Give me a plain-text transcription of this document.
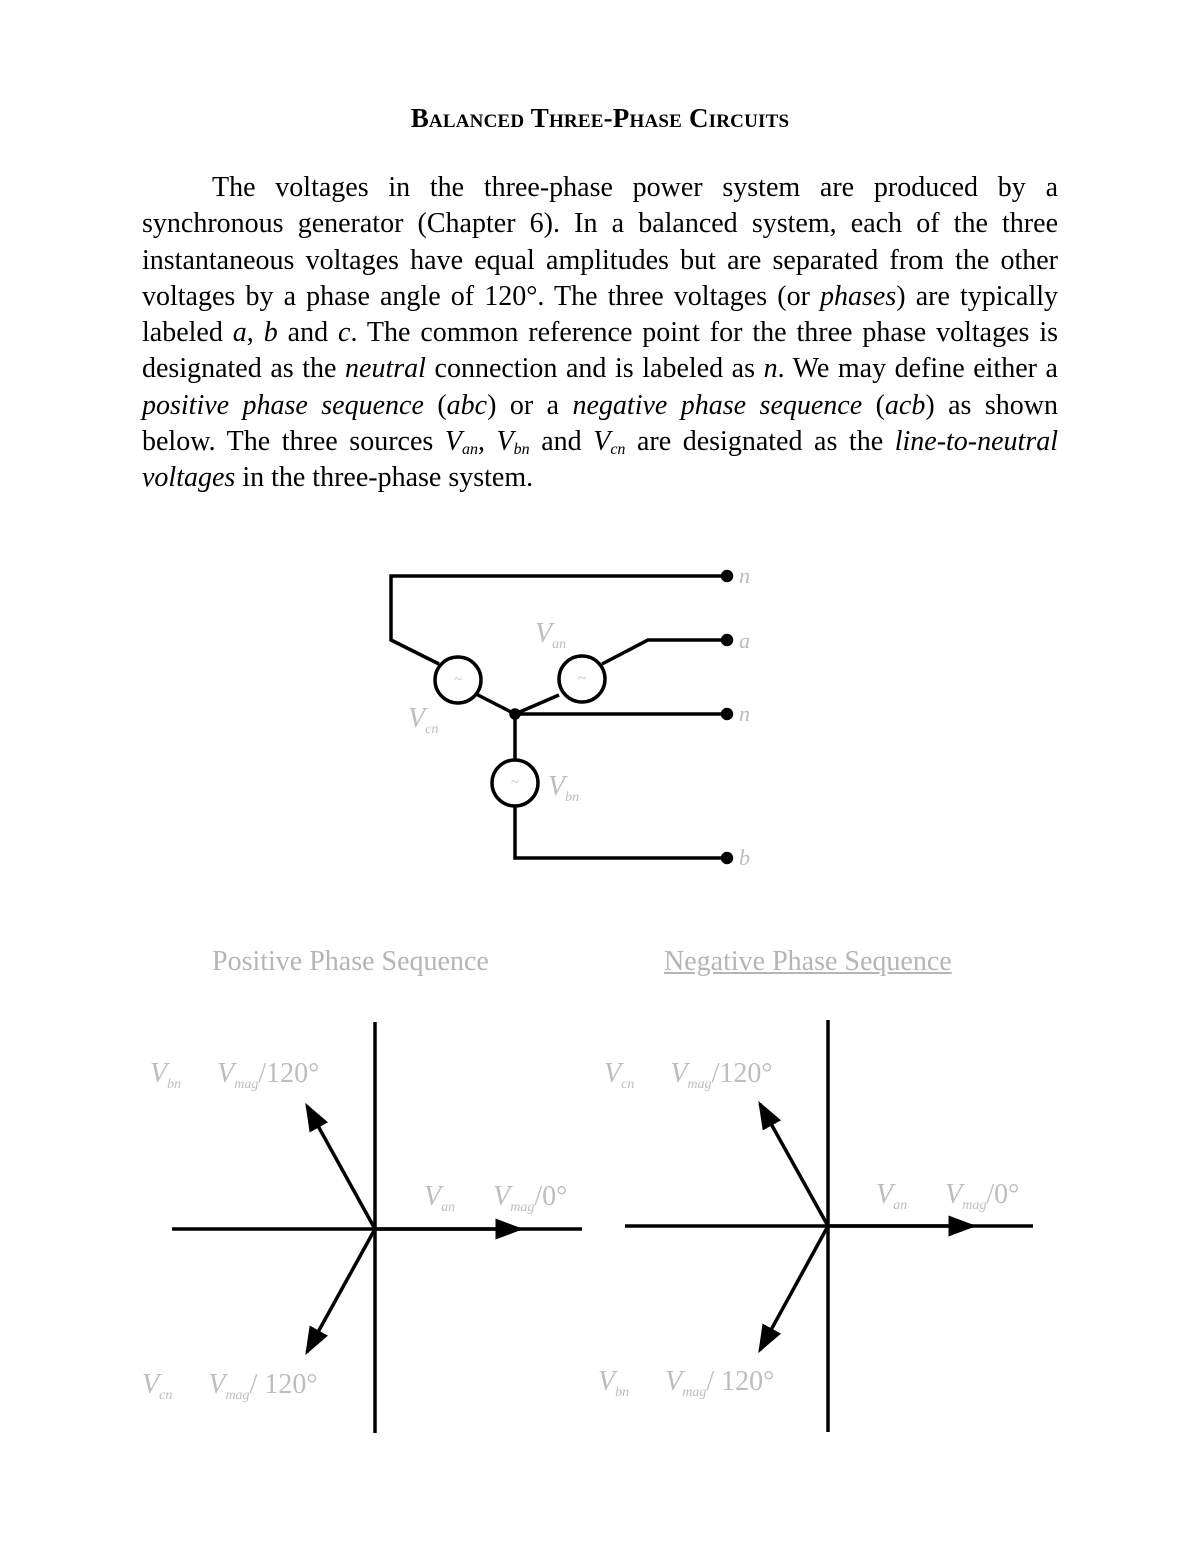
Balanced Three-Phase Circuits
The voltages in the three-phase power system are produced by a synchronous generator (Chapter 6). In a balanced system, each of the three instantaneous voltages have equal amplitudes but are separated from the other voltages by a phase angle of 120°. The three voltages (or phases) are typically labeled a, b and c. The common reference point for the three phase voltages is designated as the neutral connection and is labeled as n. We may define either a positive phase sequence (abc) or a negative phase sequence (acb) as shown below. The three sources $V_{an}$, $V_{bn}$ and $V_{cn}$ are designated as the line-to-neutral voltages in the three-phase system.
~	~
~
n
a
n
b
$V_{cn}$
$V_{an}$
$V_{bn}$
$V_{bn}$ $V_{mag}/120^\circ$
$V_{an}$ $V_{mag}/0^\circ$
$V_{cn}$ $V_{mag}/$ 120°
$V_{cn}$ $V_{mag}/120^\circ$
$V_{an}$ $V_{mag}/0^\circ$
$V_{bn}$ $V_{mag}/$ 120°
Positive Phase Sequence	Negative Phase Sequence
